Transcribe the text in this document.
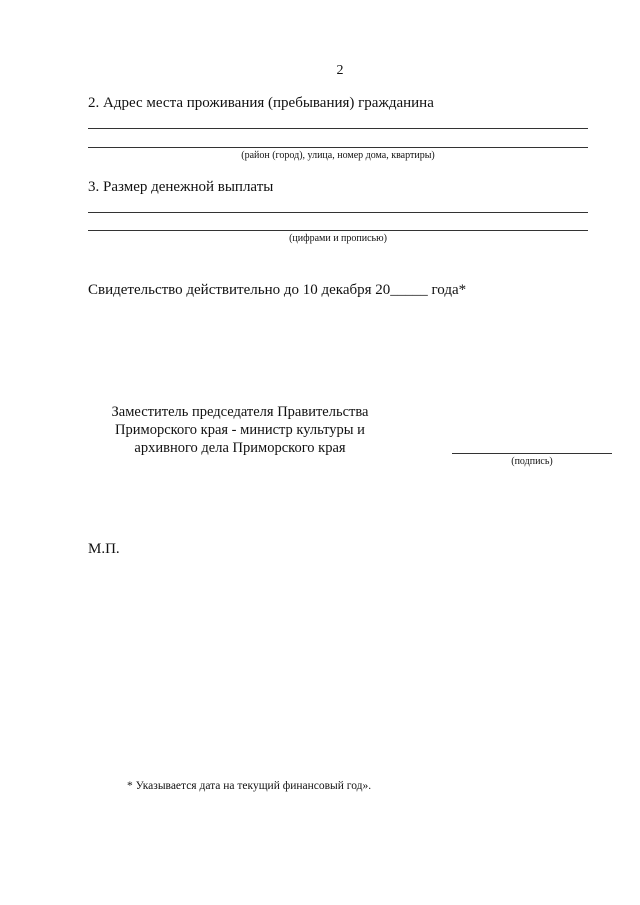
2
2. Адрес места проживания (пребывания) гражданина
(район (город), улица, номер дома, квартиры)
3. Размер денежной выплаты
(цифрами и прописью)
Свидетельство действительно до 10 декабря 20_____ года*
Заместитель председателя Правительства
Приморского края - министр культуры и
архивного дела Приморского края
(подпись)
М.П.
* Указывается дата на текущий финансовый год».
